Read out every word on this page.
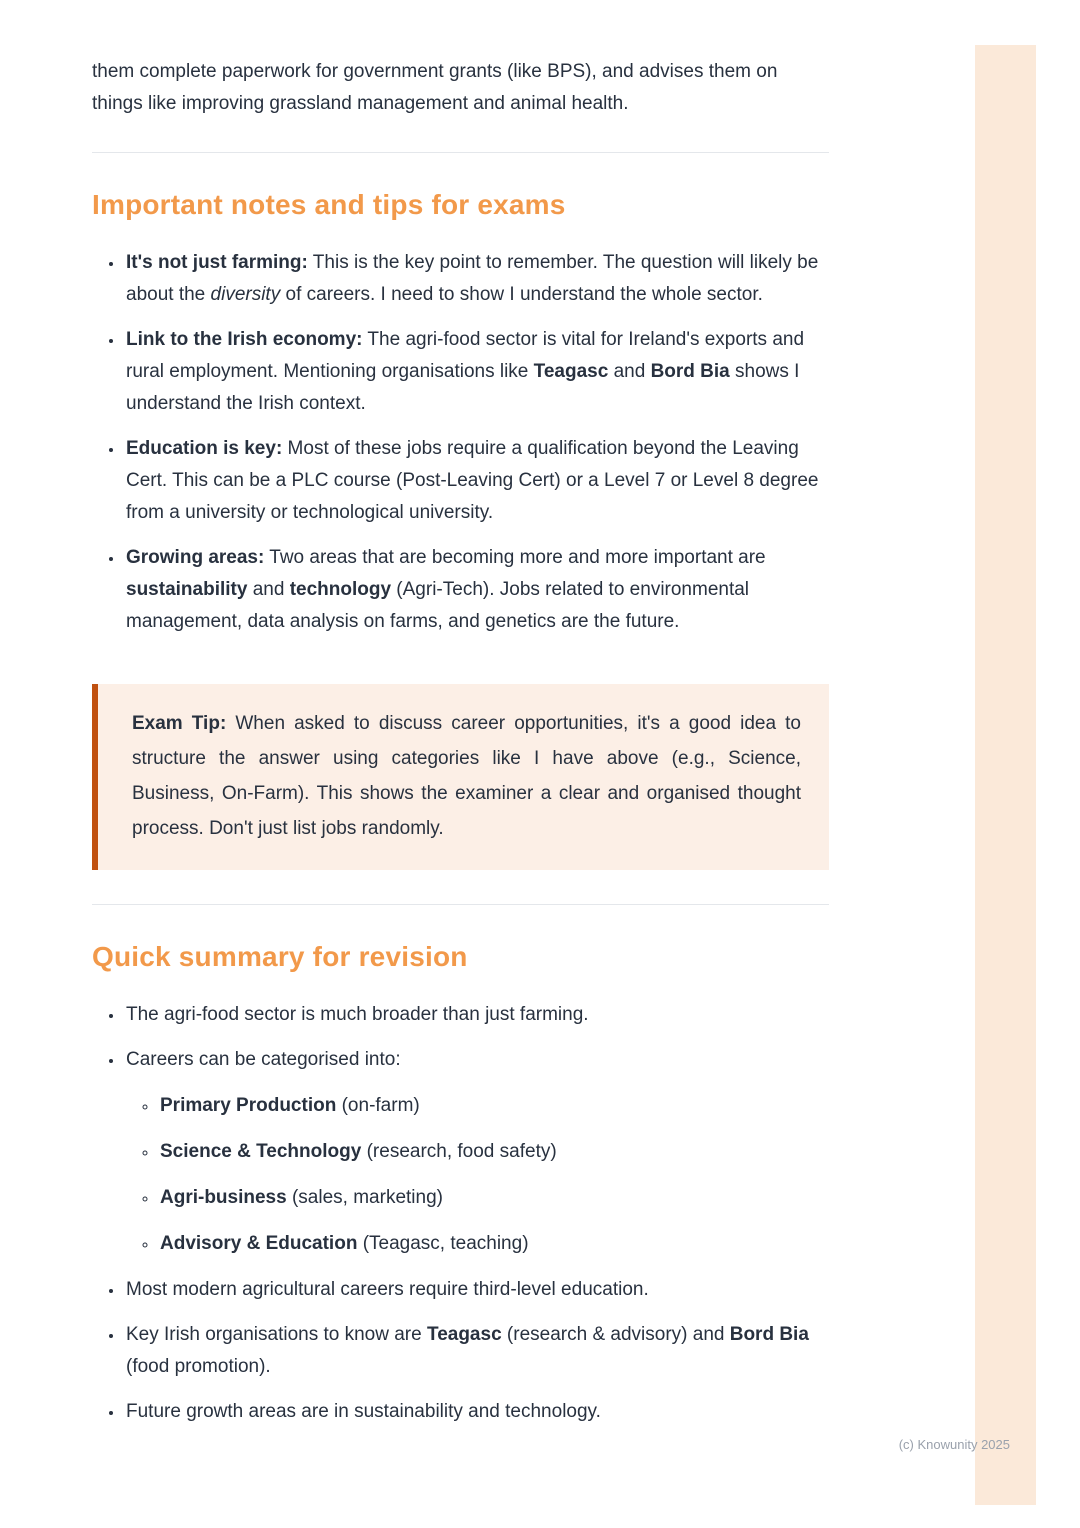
them complete paperwork for government grants (like BPS), and advises them on things like improving grassland management and animal health.

Important notes and tips for exams
• It's not just farming: This is the key point to remember. The question will likely be about the diversity of careers. I need to show I understand the whole sector.
• Link to the Irish economy: The agri-food sector is vital for Ireland's exports and rural employment. Mentioning organisations like Teagasc and Bord Bia shows I understand the Irish context.
• Education is key: Most of these jobs require a qualification beyond the Leaving Cert. This can be a PLC course (Post-Leaving Cert) or a Level 7 or Level 8 degree from a university or technological university.
• Growing areas: Two areas that are becoming more and more important are sustainability and technology (Agri-Tech). Jobs related to environmental management, data analysis on farms, and genetics are the future.

Exam Tip: When asked to discuss career opportunities, it's a good idea to structure the answer using categories like I have above (e.g., Science, Business, On-Farm). This shows the examiner a clear and organised thought process. Don't just list jobs randomly.

Quick summary for revision
• The agri-food sector is much broader than just farming.
• Careers can be categorised into:
◦ Primary Production (on-farm)
◦ Science & Technology (research, food safety)
◦ Agri-business (sales, marketing)
◦ Advisory & Education (Teagasc, teaching)
• Most modern agricultural careers require third-level education.
• Key Irish organisations to know are Teagasc (research & advisory) and Bord Bia (food promotion).
• Future growth areas are in sustainability and technology.
(c) Knowunity 2025
